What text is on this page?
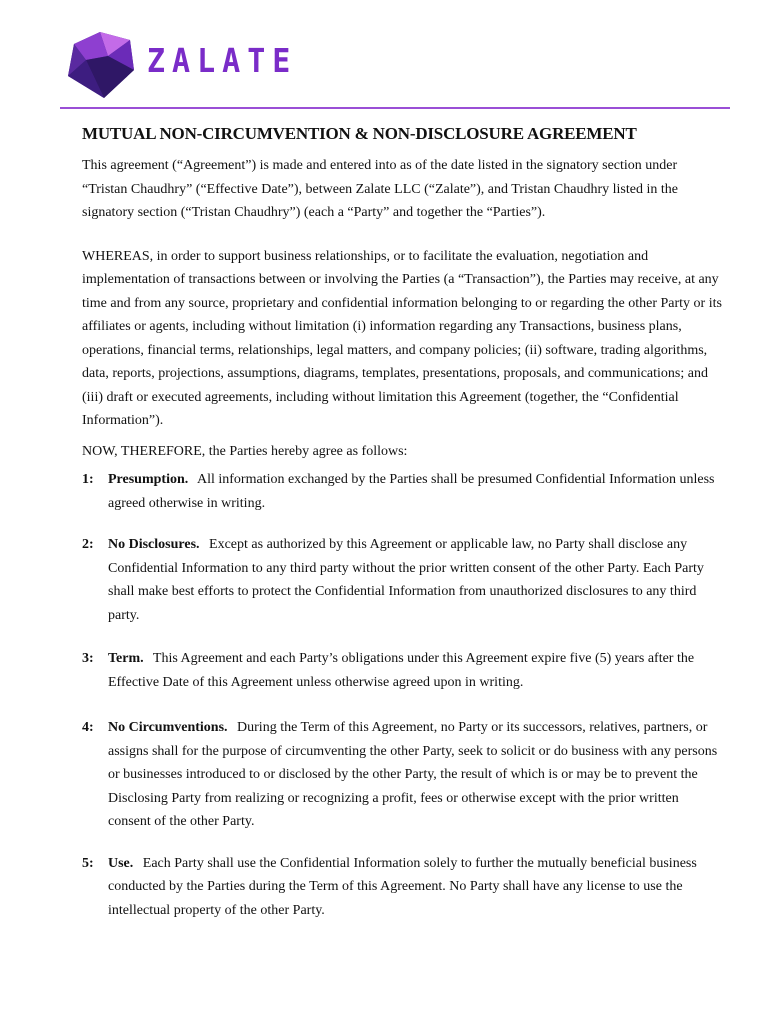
ZALATE
MUTUAL NON-CIRCUMVENTION & NON-DISCLOSURE AGREEMENT

This agreement (“Agreement”) is made and entered into as of the date listed in the signatory section under “Tristan Chaudhry” (“Effective Date”), between Zalate LLC (“Zalate”), and Tristan Chaudhry listed in the signatory section (“Tristan Chaudhry”) (each a “Party” and together the “Parties”).

WHEREAS, in order to support business relationships, or to facilitate the evaluation, negotiation and implementation of transactions between or involving the Parties (a “Transaction”), the Parties may receive, at any time and from any source, proprietary and confidential information belonging to or regarding the other Party or its affiliates or agents, including without limitation (i) information regarding any Transactions, business plans, operations, financial terms, relationships, legal matters, and company policies; (ii) software, trading algorithms, data, reports, projections, assumptions, diagrams, templates, presentations, proposals, and communications; and (iii) draft or executed agreements, including without limitation this Agreement (together, the “Confidential Information”).

NOW, THEREFORE, the Parties hereby agree as follows:

1:	Presumption. All information exchanged by the Parties shall be presumed Confidential Information unless agreed otherwise in writing.
2:	No Disclosures. Except as authorized by this Agreement or applicable law, no Party shall disclose any Confidential Information to any third party without the prior written consent of the other Party. Each Party shall make best efforts to protect the Confidential Information from unauthorized disclosures to any third party.
3:	Term. This Agreement and each Party’s obligations under this Agreement expire five (5) years after the Effective Date of this Agreement unless otherwise agreed upon in writing.
4:	No Circumventions. During the Term of this Agreement, no Party or its successors, relatives, partners, or assigns shall for the purpose of circumventing the other Party, seek to solicit or do business with any persons or businesses introduced to or disclosed by the other Party, the result of which is or may be to prevent the Disclosing Party from realizing or recognizing a profit, fees or otherwise except with the prior written consent of the other Party.
5:	Use. Each Party shall use the Confidential Information solely to further the mutually beneficial business conducted by the Parties during the Term of this Agreement. No Party shall have any license to use the intellectual property of the other Party.
